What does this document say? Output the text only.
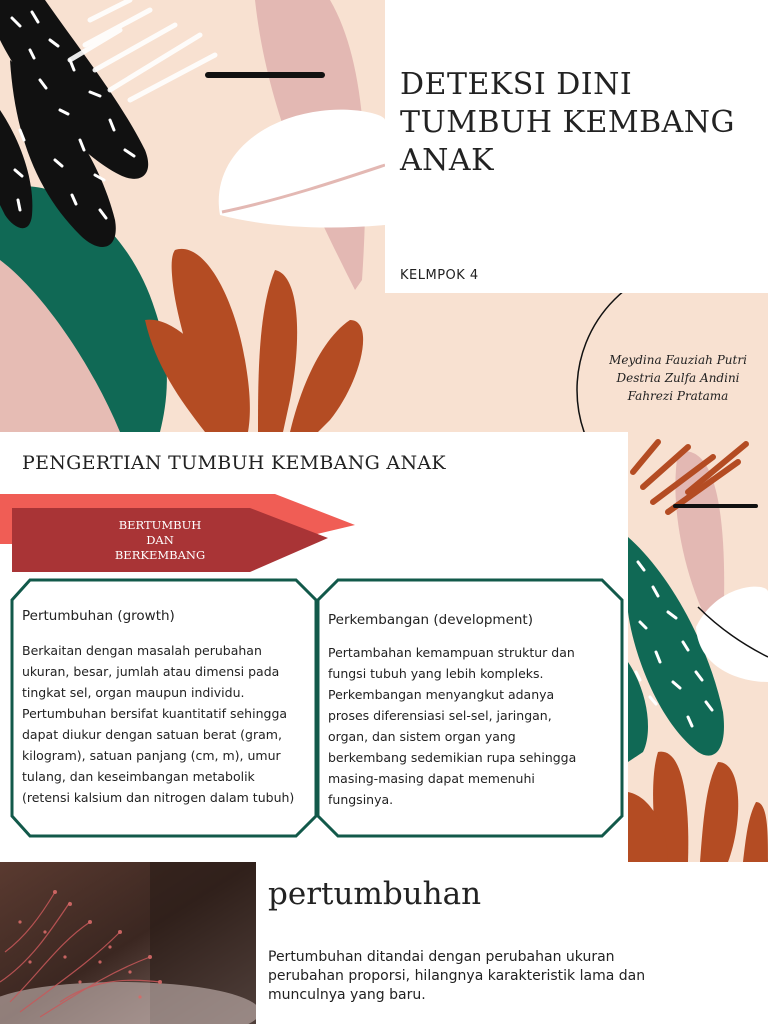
DETEKSI DINI TUMBUH KEMBANG ANAK
KELMPOK 4
Meydina Fauziah Putri
Destria Zulfa Andini
Fahrezi Pratama
PENGERTIAN TUMBUH KEMBANG ANAK
BERTUMBUH
DAN
BERKEMBANG
Pertumbuhan (growth)
Berkaitan dengan masalah perubahan
ukuran, besar, jumlah atau dimensi pada
tingkat sel, organ maupun individu.
Pertumbuhan bersifat kuantitatif sehingga
dapat diukur dengan satuan berat (gram,
kilogram), satuan panjang (cm, m), umur
tulang, dan keseimbangan metabolik
(retensi kalsium dan nitrogen dalam tubuh)
Perkembangan (development)
Pertambahan kemampuan struktur dan
fungsi tubuh yang lebih kompleks.
Perkembangan menyangkut adanya
proses diferensiasi sel-sel, jaringan,
organ, dan sistem organ yang
berkembang sedemikian rupa sehingga
masing-masing dapat memenuhi
fungsinya.
pertumbuhan
Pertumbuhan ditandai dengan perubahan ukuran
perubahan proporsi, hilangnya karakteristik lama dan
munculnya yang baru.
